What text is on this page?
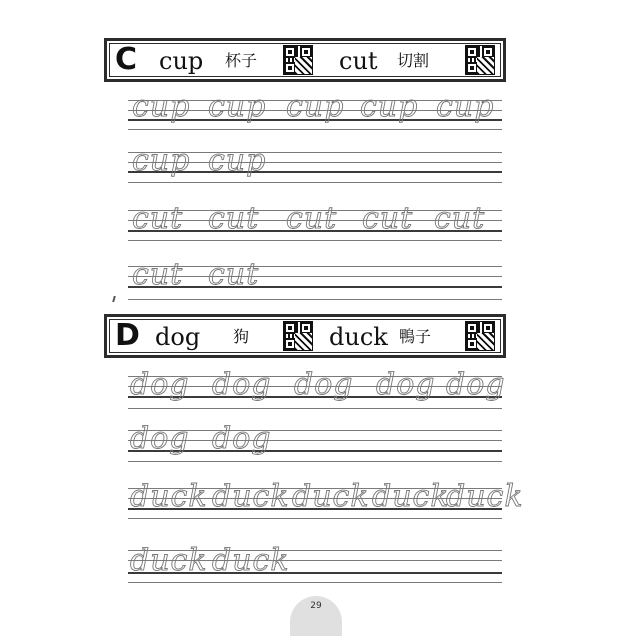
C cup 杯子	cut 切割
cup cup cup cup cup
cup cup
cut cut cut cut cut
cut cut
D dog 狗	duck 鴨子
dog dog dog dog dog
dog dog
duck duck duck duck
duck
duck duck
29
